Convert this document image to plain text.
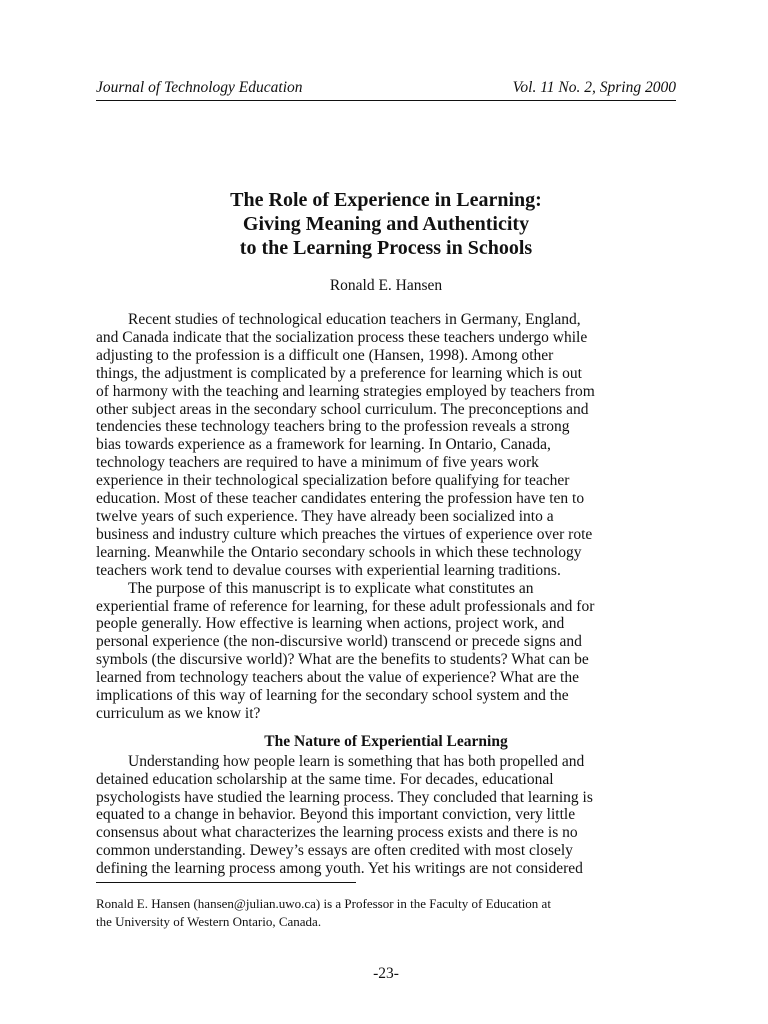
Journal of Technology Education	Vol. 11 No. 2, Spring 2000
The Role of Experience in Learning:
Giving Meaning and Authenticity
to the Learning Process in Schools
Ronald E. Hansen
Recent studies of technological education teachers in Germany, England,
and Canada indicate that the socialization process these teachers undergo while
adjusting to the profession is a difficult one (Hansen, 1998). Among other
things, the adjustment is complicated by a preference for learning which is out
of harmony with the teaching and learning strategies employed by teachers from
other subject areas in the secondary school curriculum. The preconceptions and
tendencies these technology teachers bring to the profession reveals a strong
bias towards experience as a framework for learning. In Ontario, Canada,
technology teachers are required to have a minimum of five years work
experience in their technological specialization before qualifying for teacher
education. Most of these teacher candidates entering the profession have ten to
twelve years of such experience. They have already been socialized into a
business and industry culture which preaches the virtues of experience over rote
learning. Meanwhile the Ontario secondary schools in which these technology
teachers work tend to devalue courses with experiential learning traditions.
The purpose of this manuscript is to explicate what constitutes an
experiential frame of reference for learning, for these adult professionals and for
people generally. How effective is learning when actions, project work, and
personal experience (the non-discursive world) transcend or precede signs and
symbols (the discursive world)? What are the benefits to students? What can be
learned from technology teachers about the value of experience? What are the
implications of this way of learning for the secondary school system and the
curriculum as we know it?
The Nature of Experiential Learning
Understanding how people learn is something that has both propelled and
detained education scholarship at the same time. For decades, educational
psychologists have studied the learning process. They concluded that learning is
equated to a change in behavior. Beyond this important conviction, very little
consensus about what characterizes the learning process exists and there is no
common understanding. Dewey’s essays are often credited with most closely
defining the learning process among youth. Yet his writings are not considered
Ronald E. Hansen (hansen@julian.uwo.ca) is a Professor in the Faculty of Education at
the University of Western Ontario, Canada.
-23-
